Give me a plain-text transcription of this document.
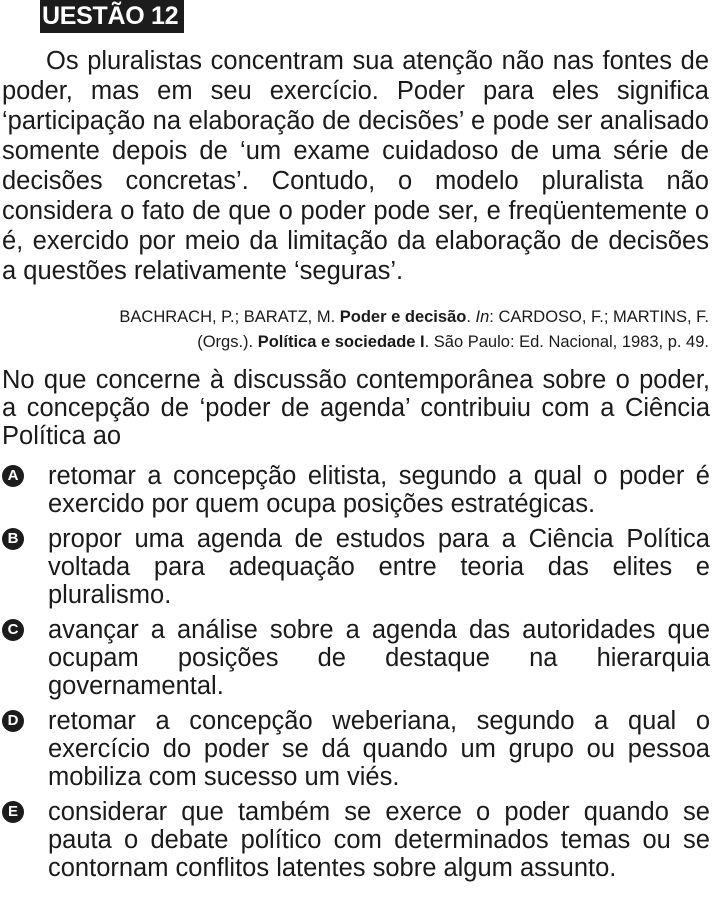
UESTÃO 12

Os pluralistas concentram sua atenção não nas fontes de poder, mas em seu exercício. Poder para eles significa ‘participação na elaboração de decisões’ e pode ser analisado somente depois de ‘um exame cuidadoso de uma série de decisões concretas’. Contudo, o modelo pluralista não considera o fato de que o poder pode ser, e freqüentemente o é, exercido por meio da limitação da elaboração de decisões a questões relativamente ‘seguras’.

BACHRACH, P.; BARATZ, M. Poder e decisão. In: CARDOSO, F.; MARTINS, F.
(Orgs.). Política e sociedade I. São Paulo: Ed. Nacional, 1983, p. 49.

No que concerne à discussão contemporânea sobre o poder, a concepção de ‘poder de agenda’ contribuiu com a Ciência Política ao

A retomar a concepção elitista, segundo a qual o poder é exercido por quem ocupa posições estratégicas.
B propor uma agenda de estudos para a Ciência Política voltada para adequação entre teoria das elites e pluralismo.
C avançar a análise sobre a agenda das autoridades que ocupam posições de destaque na hierarquia governamental.
D retomar a concepção weberiana, segundo a qual o exercício do poder se dá quando um grupo ou pessoa mobiliza com sucesso um viés.
E considerar que também se exerce o poder quando se pauta o debate político com determinados temas ou se contornam conflitos latentes sobre algum assunto.
